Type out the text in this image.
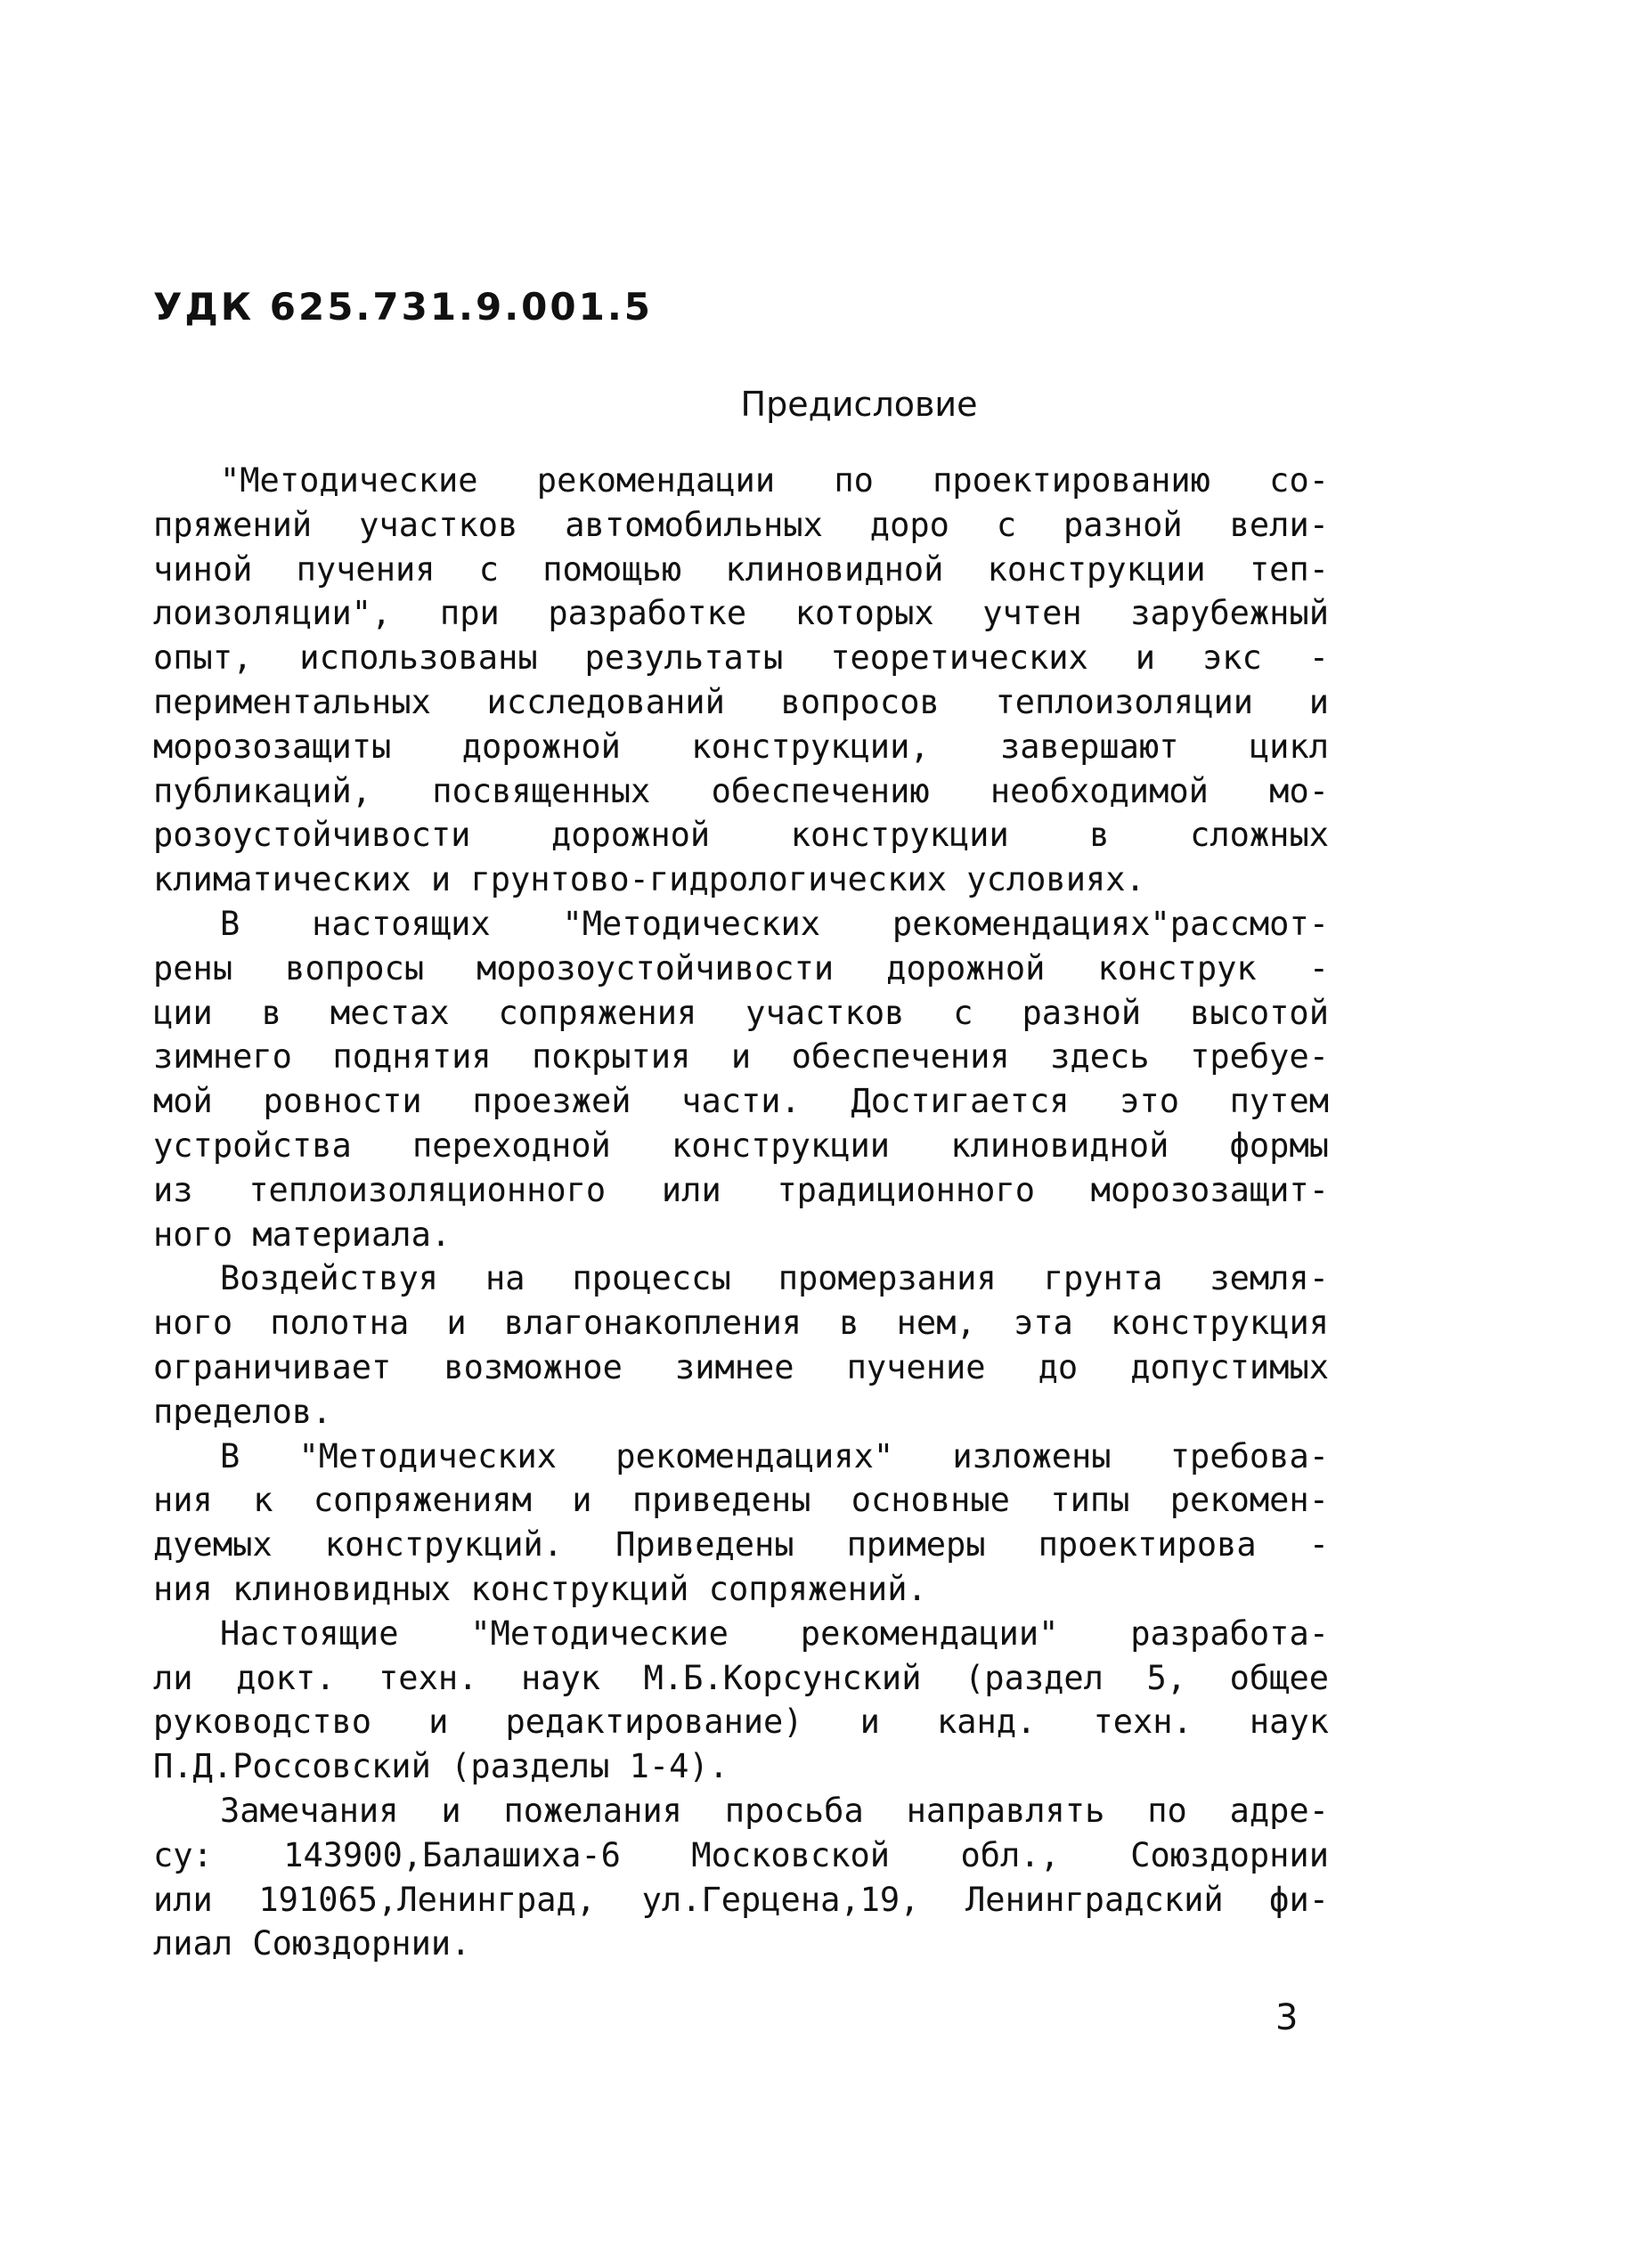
УДК 625.731.9.001.5
Предисловие
"Методические рекомендации по проектированию со-
пряжений участков автомобильных доро с разной вели-
чиной пучения с помощью клиновидной конструкции теп-
лоизоляции", при разработке которых учтен зарубежный
опыт, использованы результаты теоретических и экс -
периментальных исследований вопросов теплоизоляции и
морозозащиты дорожной конструкции, завершают цикл
публикаций, посвященных обеспечению необходимой мо-
розоустойчивости дорожной конструкции в сложных
климатических и грунтово-гидрологических условиях.
В настоящих "Методических рекомендациях"рассмот-
рены вопросы морозоустойчивости дорожной конструк -
ции в местах сопряжения участков с разной высотой
зимнего поднятия покрытия и обеспечения здесь требуе-
мой ровности проезжей части. Достигается это путем
устройства переходной конструкции клиновидной формы
из теплоизоляционного или традиционного морозозащит-
ного материала.
Воздействуя на процессы промерзания грунта земля-
ного полотна и влагонакопления в нем, эта конструкция
ограничивает возможное зимнее пучение до допустимых
пределов.
В "Методических рекомендациях" изложены требова-
ния к сопряжениям и приведены основные типы рекомен-
дуемых конструкций. Приведены примеры проектирова -
ния клиновидных конструкций сопряжений.
Настоящие "Методические рекомендации" разработа-
ли докт. техн. наук М.Б.Корсунский (раздел 5, общее
руководство и редактирование) и канд. техн. наук
П.Д.Россовский (разделы 1-4).
Замечания и пожелания просьба направлять по адре-
су: 143900,Балашиха-6 Московской обл., Союздорнии
или 191065,Ленинград, ул.Герцена,19, Ленинградский фи-
лиал Союздорнии.
3
